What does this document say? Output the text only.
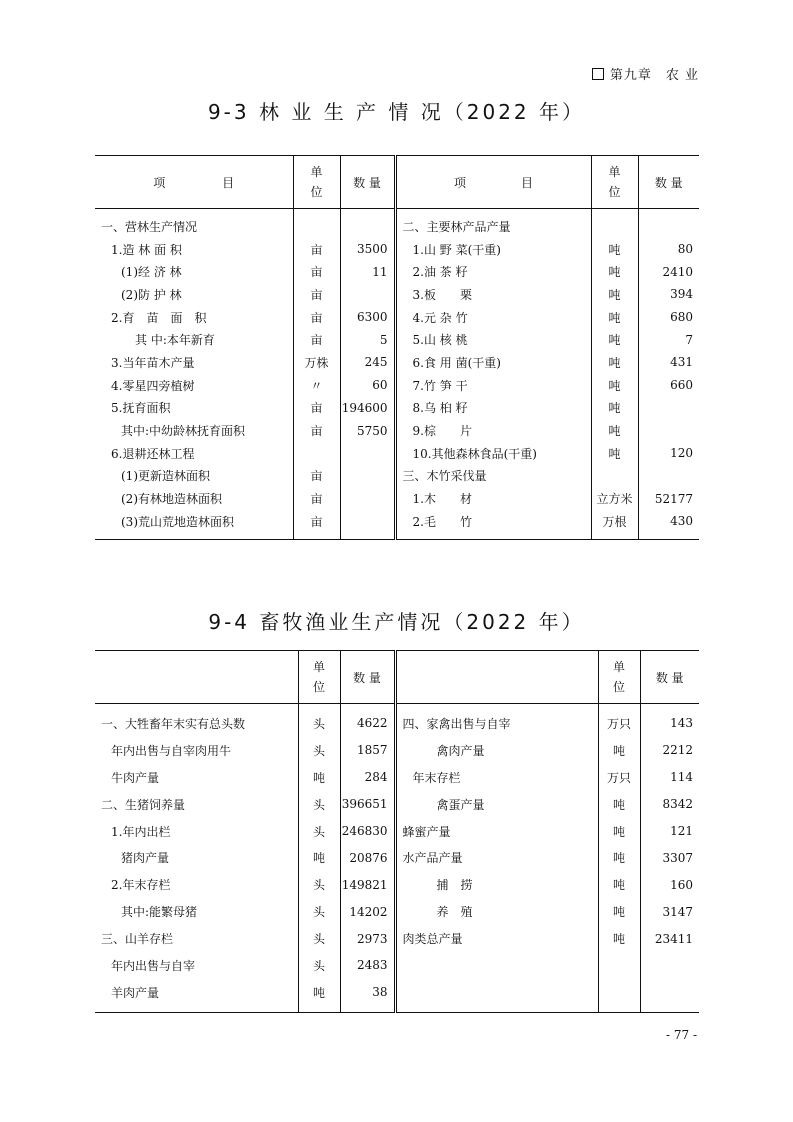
第九章　农 业
9-3 林 业 生 产 情 况（2022 年）
项 目	单位	数 量	项 目	单位	数 量

一、营林生产情况			二、主要林产品产量		
1.造 林 面 积	亩	3500	1.山 野 菜(干重)	吨	80
(1)经 济 林	亩	11	2.油 茶 籽	吨	2410
(2)防 护 林	亩		3.板　　栗	吨	394
2.育　苗　面　积	亩	6300	4.元 杂 竹	吨	680
其 中:本年新育	亩	5	5.山 核 桃	吨	7
3.当年苗木产量	万株	245	6.食 用 菌(干重)	吨	431
4.零星四旁植树	〃	60	7.竹 笋 干	吨	660
5.抚育面积	亩	194600	8.乌 桕 籽	吨	
其中:中幼龄林抚育面积	亩	5750	9.棕　　片	吨	
6.退耕还林工程			10.其他森林食品(干重)	吨	120
(1)更新造林面积	亩		三、木竹采伐量		
(2)有林地造林面积	亩		1.木　　材	立方米	52177
(3)荒山荒地造林面积	亩		2.毛　　竹	万根	430

9-4 畜牧渔业生产情况（2022 年）

	单位	数 量		单位	数 量

一、大牲畜年末实有总头数	头	4622	四、家禽出售与自宰	万只	143
年内出售与自宰肉用牛	头	1857	禽肉产量	吨	2212
牛肉产量	吨	284	年末存栏	万只	114
二、生猪饲养量	头	396651	禽蛋产量	吨	8342
1.年内出栏	头	246830	蜂蜜产量	吨	121
猪肉产量	吨	20876	水产品产量	吨	3307
2.年末存栏	头	149821	捕　捞	吨	160
其中:能繁母猪	头	14202	养　殖	吨	3147
三、山羊存栏	头	2973	肉类总产量	吨	23411
年内出售与自宰	头	2483			
羊肉产量	吨	38			

- 77 -
